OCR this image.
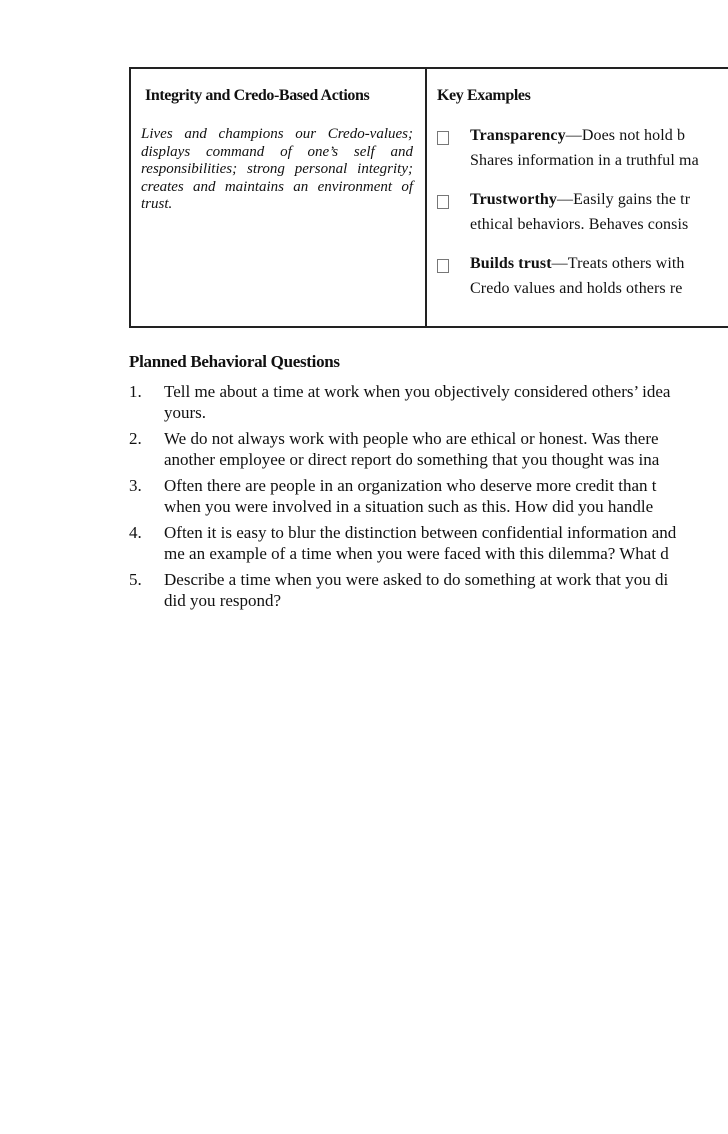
Integrity and Credo-Based Actions	Key Examples
Lives and champions our Credo-values; displays command of one’s self and responsibilities; strong personal integrity; creates and maintains an environment of trust.
Transparency—Does not hold b
Shares information in a truthful ma
Trustworthy—Easily gains the tr
ethical behaviors. Behaves consis
Builds trust—Treats others with
Credo values and holds others re
Planned Behavioral Questions
1. Tell me about a time at work when you objectively considered others’ idea
yours.
2. We do not always work with people who are ethical or honest. Was there
another employee or direct report do something that you thought was ina
3. Often there are people in an organization who deserve more credit than t
when you were involved in a situation such as this. How did you handle
4. Often it is easy to blur the distinction between confidential information and
me an example of a time when you were faced with this dilemma? What d
5. Describe a time when you were asked to do something at work that you di
did you respond?
